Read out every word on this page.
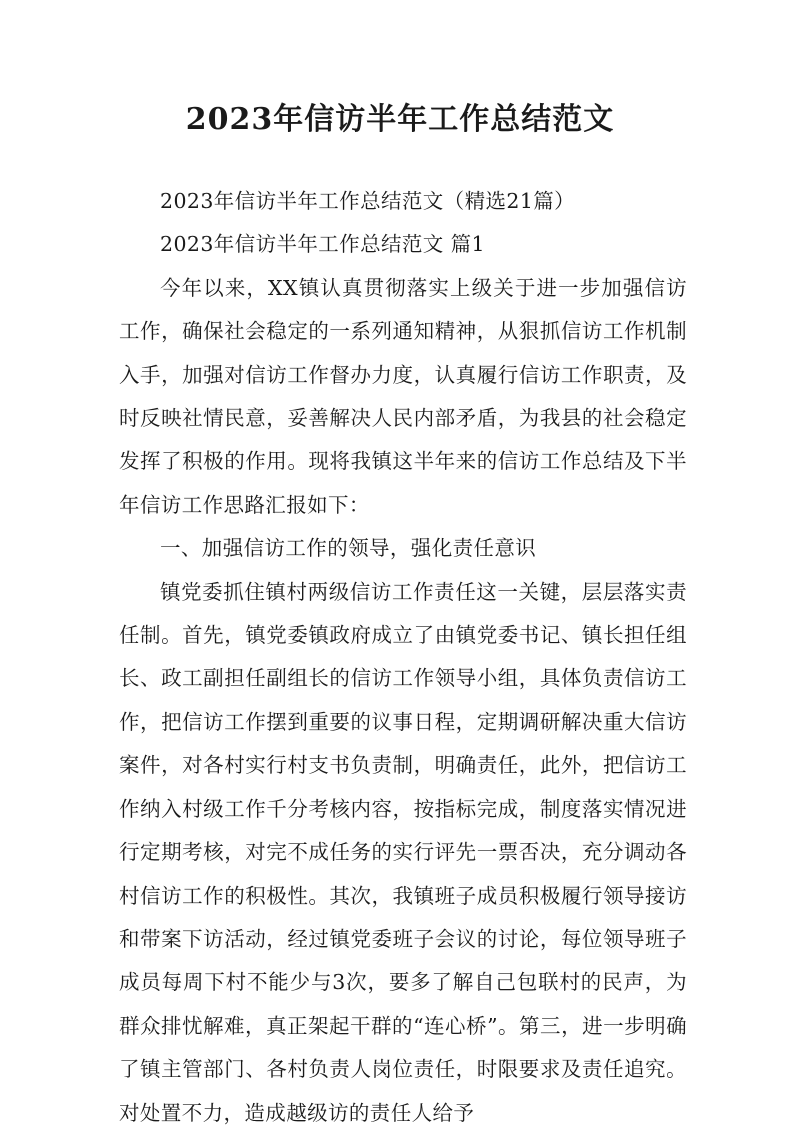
2023年信访半年工作总结范文

2023年信访半年工作总结范文（精选21篇）

2023年信访半年工作总结范文 篇1

今年以来，XX镇认真贯彻落实上级关于进一步加强信访工作，确保社会稳定的一系列通知精神，从狠抓信访工作机制入手，加强对信访工作督办力度，认真履行信访工作职责，及时反映社情民意，妥善解决人民内部矛盾，为我县的社会稳定发挥了积极的作用。现将我镇这半年来的信访工作总结及下半年信访工作思路汇报如下：

一、加强信访工作的领导，强化责任意识

镇党委抓住镇村两级信访工作责任这一关键，层层落实责任制。首先，镇党委镇政府成立了由镇党委书记、镇长担任组长、政工副担任副组长的信访工作领导小组，具体负责信访工作，把信访工作摆到重要的议事日程，定期调研解决重大信访案件，对各村实行村支书负责制，明确责任，此外，把信访工作纳入村级工作千分考核内容，按指标完成，制度落实情况进行定期考核，对完不成任务的实行评先一票否决，充分调动各村信访工作的积极性。其次，我镇班子成员积极履行领导接访和带案下访活动，经过镇党委班子会议的讨论，每位领导班子成员每周下村不能少与3次，要多了解自己包联村的民声，为群众排忧解难，真正架起干群的“连心桥”。第三，进一步明确了镇主管部门、各村负责人岗位责任，时限要求及责任追究。对处置不力，造成越级访的责任人给予
